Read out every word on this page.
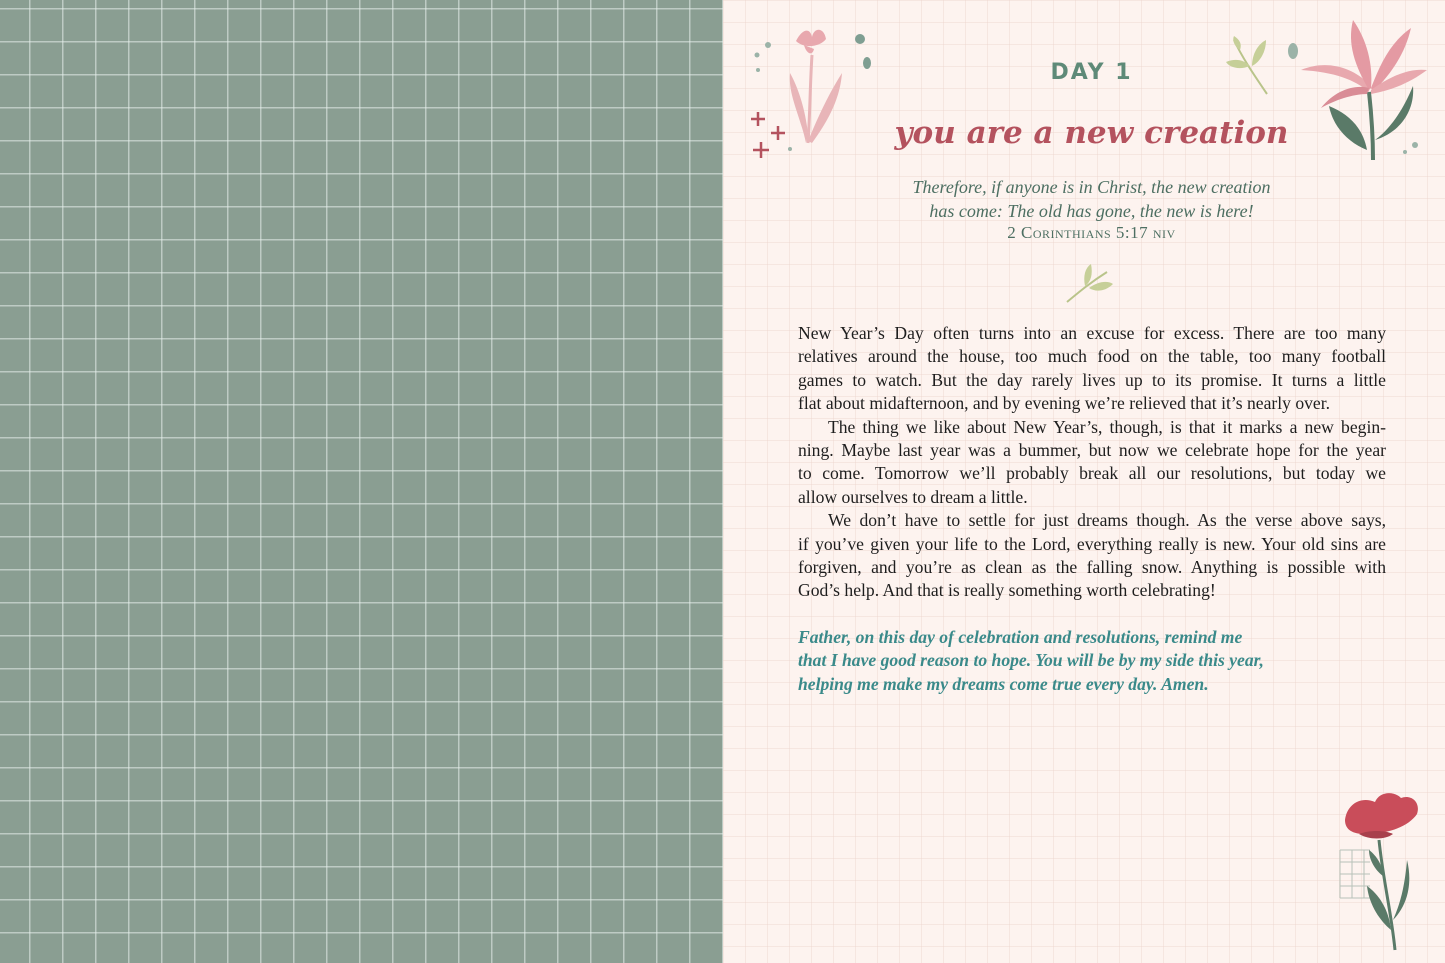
DAY 1
you are a new creation
Therefore, if anyone is in Christ, the new creation
has come: The old has gone, the new is here!
2 Corinthians 5:17 niv
New Year’s Day often turns into an excuse for excess. There are too many
relatives around the house, too much food on the table, too many football
games to watch. But the day rarely lives up to its promise. It turns a little
flat about midafternoon, and by evening we’re relieved that it’s nearly over.
The thing we like about New Year’s, though, is that it marks a new begin-
ning. Maybe last year was a bummer, but now we celebrate hope for the year
to come. Tomorrow we’ll probably break all our resolutions, but today we
allow ourselves to dream a little.
We don’t have to settle for just dreams though. As the verse above says,
if you’ve given your life to the Lord, everything really is new. Your old sins are
forgiven, and you’re as clean as the falling snow. Anything is possible with
God’s help. And that is really something worth celebrating!
Father, on this day of celebration and resolutions, remind me
that I have good reason to hope. You will be by my side this year,
helping me make my dreams come true every day. Amen.
